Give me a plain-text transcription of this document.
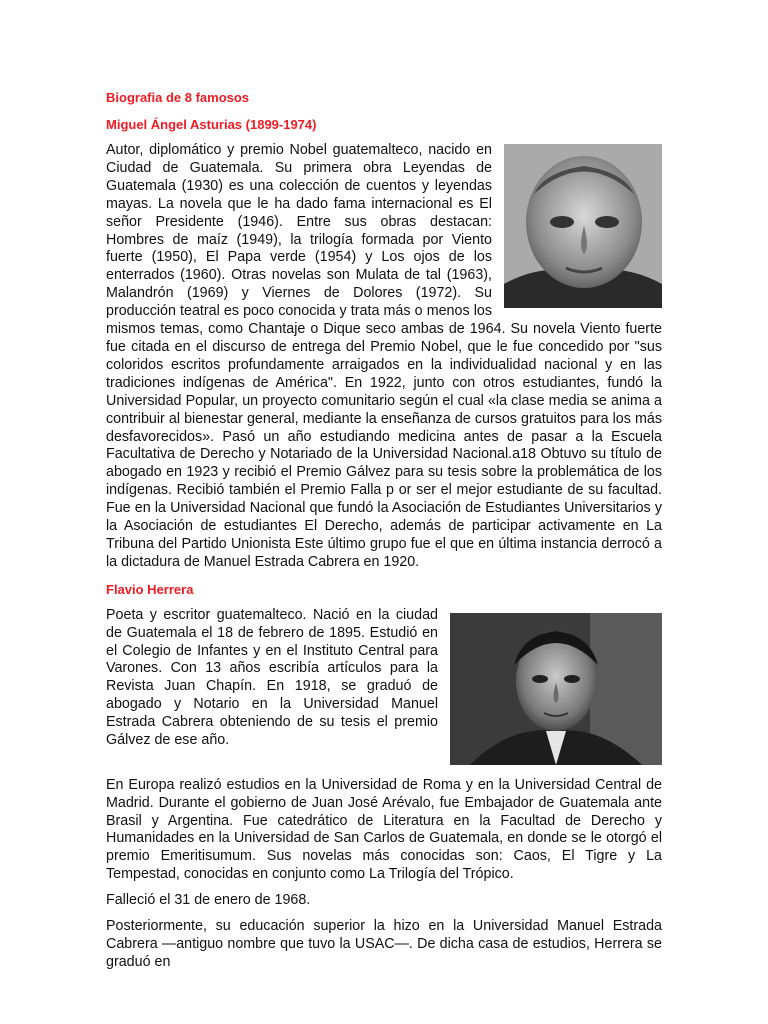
Biografia de 8 famosos
Miguel Ángel Asturias (1899-1974)

Autor, diplomático y premio Nobel guatemalteco, nacido en Ciudad de Guatemala. Su primera obra Leyendas de Guatemala (1930) es una colección de cuentos y leyendas mayas. La novela que le ha dado fama internacional es El señor Presidente (1946). Entre sus obras destacan: Hombres de maíz (1949), la trilogía formada por Viento fuerte (1950), El Papa verde (1954) y Los ojos de los enterrados (1960). Otras novelas son Mulata de tal (1963), Malandrón (1969) y Viernes de Dolores (1972). Su producción teatral es poco conocida y trata más o menos los mismos temas, como Chantaje o Dique seco ambas de 1964. Su novela Viento fuerte fue citada en el discurso de entrega del Premio Nobel, que le fue concedido por "sus coloridos escritos profundamente arraigados en la individualidad nacional y en las tradiciones indígenas de América". En 1922, junto con otros estudiantes, fundó la Universidad Popular, un proyecto comunitario según el cual «la clase media se anima a contribuir al bienestar general, mediante la enseñanza de cursos gratuitos para los más desfavorecidos». Pasó un año estudiando medicina antes de pasar a la Escuela Facultativa de Derecho y Notariado de la Universidad Nacional.a18 Obtuvo su título de abogado en 1923 y recibió el Premio Gálvez para su tesis sobre la problemática de los indígenas. Recibió también el Premio Falla p or ser el mejor estudiante de su facultad. Fue en la Universidad Nacional que fundó la Asociación de Estudiantes Universitarios y la Asociación de estudiantes El Derecho, además de participar activamente en La Tribuna del Partido Unionista Este último grupo fue el que en última instancia derrocó a la dictadura de Manuel Estrada Cabrera en 1920.

Flavio Herrera

Poeta y escritor guatemalteco. Nació en la ciudad de Guatemala el 18 de febrero de 1895. Estudió en el Colegio de Infantes y en el Instituto Central para Varones. Con 13 años escribía artículos para la Revista Juan Chapín. En 1918, se graduó de abogado y Notario en la Universidad Manuel Estrada Cabrera obteniendo de su tesis el premio Gálvez de ese año.

En Europa realizó estudios en la Universidad de Roma y en la Universidad Central de Madrid. Durante el gobierno de Juan José Arévalo, fue Embajador de Guatemala ante Brasil y Argentina. Fue catedrático de Literatura en la Facultad de Derecho y Humanidades en la Universidad de San Carlos de Guatemala, en donde se le otorgó el premio Emeritisumum. Sus novelas más conocidas son: Caos, El Tigre y La Tempestad, conocidas en conjunto como La Trilogía del Trópico.

Falleció el 31 de enero de 1968.

Posteriormente, su educación superior la hizo en la Universidad Manuel Estrada Cabrera —antiguo nombre que tuvo la USAC—. De dicha casa de estudios, Herrera se graduó en
